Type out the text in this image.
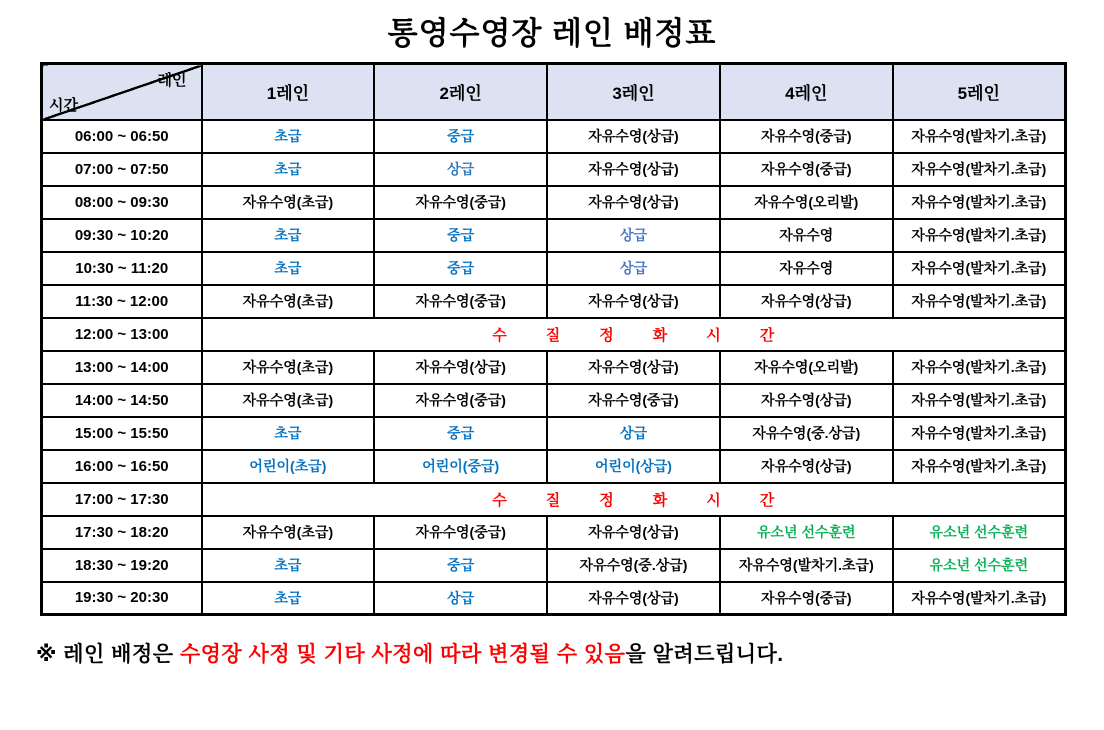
통영수영장 레인 배정표
레인
시간	1레인	2레인	3레인	4레인	5레인
06:00 ~ 06:50	초급	중급	자유수영(상급)	자유수영(중급)	자유수영(발차기.초급)
07:00 ~ 07:50	초급	상급	자유수영(상급)	자유수영(중급)	자유수영(발차기.초급)
08:00 ~ 09:30	자유수영(초급)	자유수영(중급)	자유수영(상급)	자유수영(오리발)	자유수영(발차기.초급)
09:30 ~ 10:20	초급	중급	상급	자유수영	자유수영(발차기.초급)
10:30 ~ 11:20	초급	중급	상급	자유수영	자유수영(발차기.초급)
11:30 ~ 12:00	자유수영(초급)	자유수영(중급)	자유수영(상급)	자유수영(상급)	자유수영(발차기.초급)
12:00 ~ 13:00	수질정화시간				
13:00 ~ 14:00	자유수영(초급)	자유수영(상급)	자유수영(상급)	자유수영(오리발)	자유수영(발차기.초급)
14:00 ~ 14:50	자유수영(초급)	자유수영(중급)	자유수영(중급)	자유수영(상급)	자유수영(발차기.초급)
15:00 ~ 15:50	초급	중급	상급	자유수영(중.상급)	자유수영(발차기.초급)
16:00 ~ 16:50	어린이(초급)	어린이(중급)	어린이(상급)	자유수영(상급)	자유수영(발차기.초급)
17:00 ~ 17:30	수질정화시간				
17:30 ~ 18:20	자유수영(초급)	자유수영(중급)	자유수영(상급)	유소년 선수훈련	유소년 선수훈련
18:30 ~ 19:20	초급	중급	자유수영(중.상급)	자유수영(발차기.초급)	유소년 선수훈련
19:30 ~ 20:30	초급	상급	자유수영(상급)	자유수영(중급)	자유수영(발차기.초급)

※ 레인 배정은 수영장 사정 및 기타 사정에 따라 변경될 수 있음을 알려드립니다.
